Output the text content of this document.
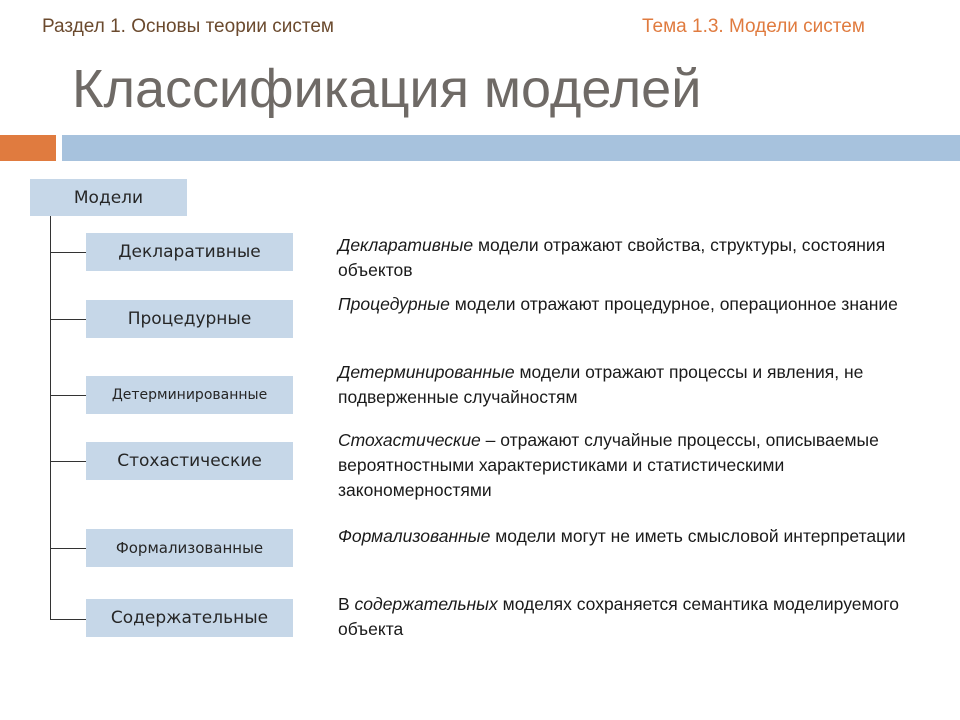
Раздел 1. Основы теории систем	Тема 1.3. Модели систем
Классификация моделей
Модели
Декларативные
Процедурные
Детерминированные
Стохастические
Формализованные
Содержательные

Декларативные модели отражают свойства, структуры, состояния объектов

Процедурные модели отражают процедурное, операционное знание

Детерминированные модели отражают процессы и явления, не подверженные случайностям

Стохастические – отражают случайные процессы, описываемые вероятностными характеристиками и статистическими закономерностями

Формализованные модели могут не иметь смысловой интерпретации

В содержательных моделях сохраняется семантика моделируемого объекта
